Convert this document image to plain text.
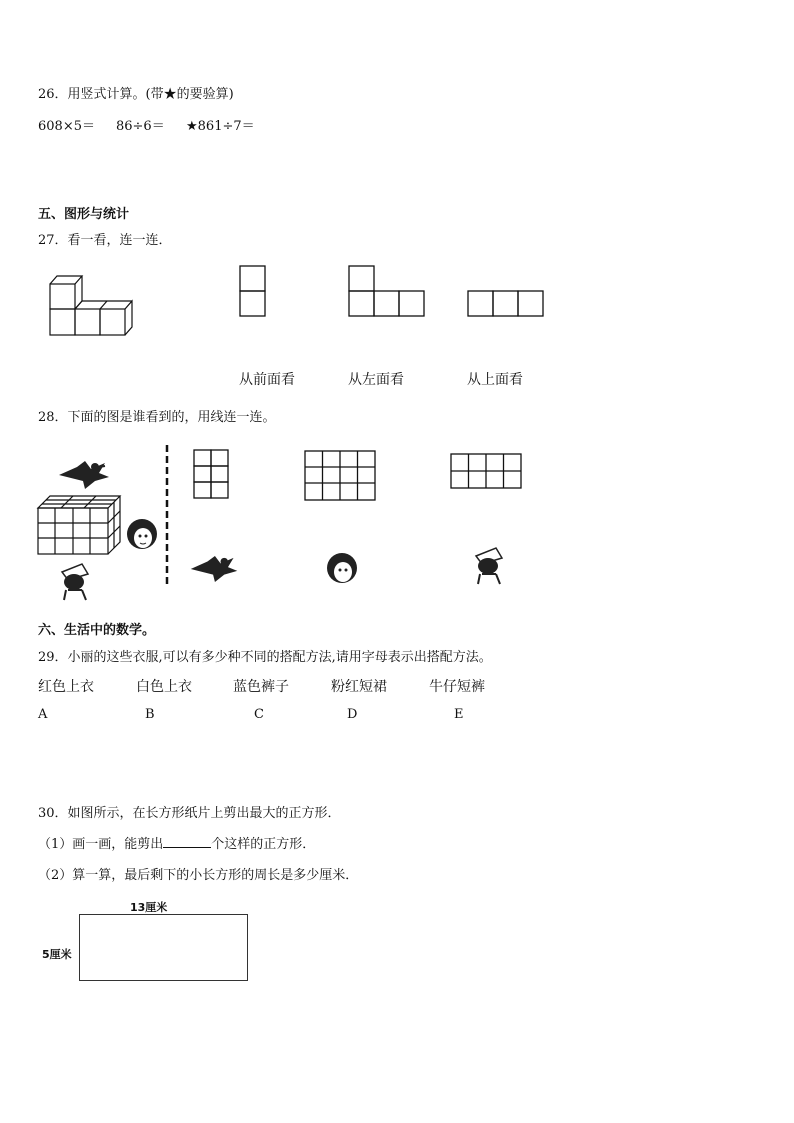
26．用竖式计算。(带★的要验算)
608×5＝ 86÷6＝ ★861÷7＝
五、图形与统计
27．看一看，连一连．
从前面看	从左面看	从上面看
28．下面的图是谁看到的，用线连一连。
六、生活中的数学。
29．小丽的这些衣服,可以有多少种不同的搭配方法,请用字母表示出搭配方法。
红色上衣	白色上衣	蓝色裤子	粉红短裙	牛仔短裤
A	B	C	D	E
30．如图所示，在长方形纸片上剪出最大的正方形．
（1）画一画，能剪出	个这样的正方形．
（2）算一算，最后剩下的小长方形的周长是多少厘米．
13厘米
5厘米
